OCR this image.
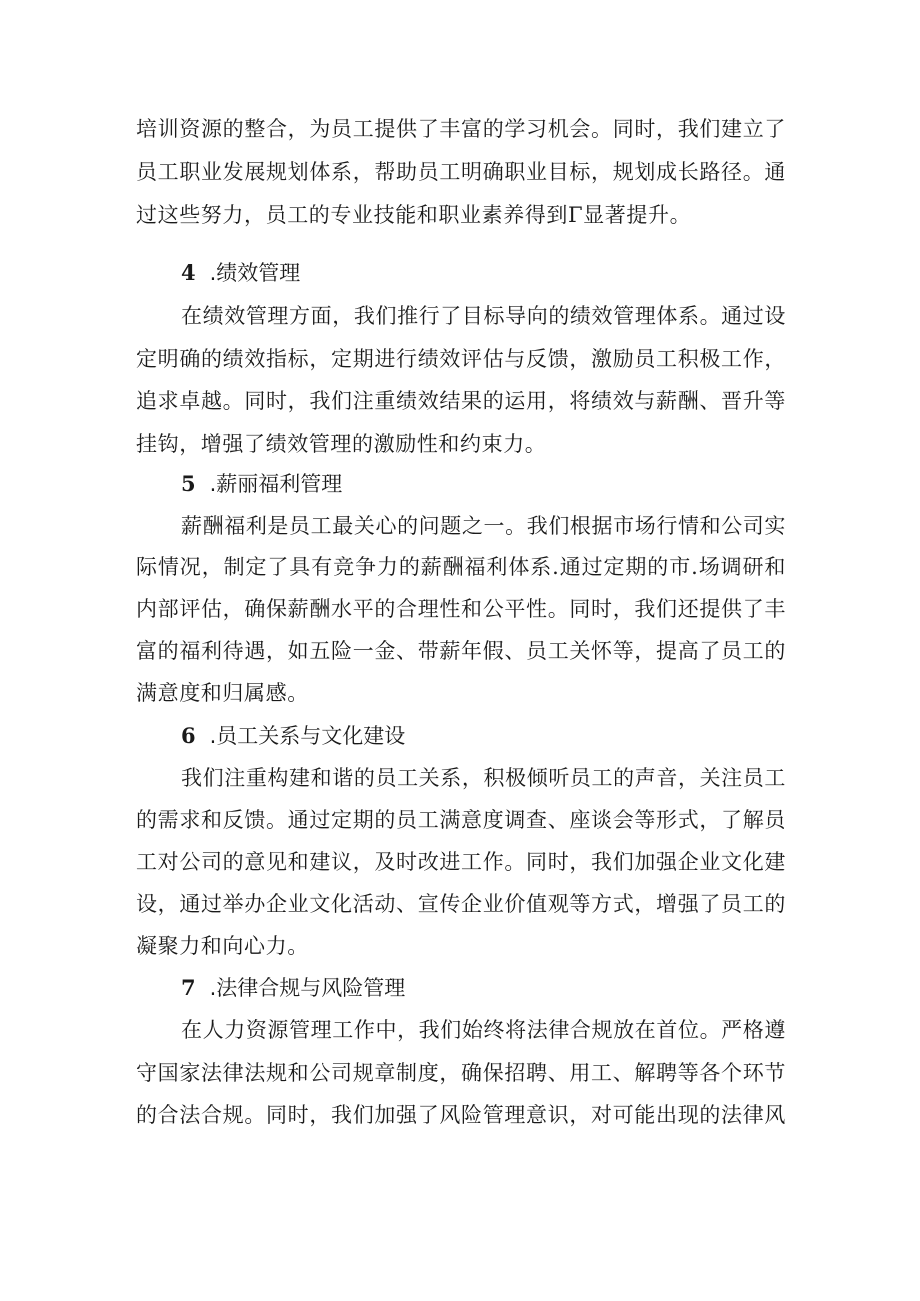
培训资源的整合，为员工提供了丰富的学习机会。同时，我们建立了
员工职业发展规划体系，帮助员工明确职业目标，规划成长路径。通
过这些努力，员工的专业技能和职业素养得到Γ显著提升。
4 .绩效管理
在绩效管理方面，我们推行了目标导向的绩效管理体系。通过设
定明确的绩效指标，定期进行绩效评估与反馈，激励员工积极工作，
追求卓越。同时，我们注重绩效结果的运用，将绩效与薪酬、晋升等
挂钩，增强了绩效管理的激励性和约束力。
5 .薪丽福利管理
薪酬福利是员工最关心的问题之一。我们根据市场行情和公司实
际情况，制定了具有竞争力的薪酬福利体系.通过定期的市.场调研和
内部评估，确保薪酬水平的合理性和公平性。同时，我们还提供了丰
富的福利待遇，如五险一金、带薪年假、员工关怀等，提高了员工的
满意度和归属感。
6 .员工关系与文化建设
我们注重构建和谐的员工关系，积极倾听员工的声音，关注员工
的需求和反馈。通过定期的员工满意度调查、座谈会等形式，了解员
工对公司的意见和建议，及时改进工作。同时，我们加强企业文化建
设，通过举办企业文化活动、宣传企业价值观等方式，增强了员工的
凝聚力和向心力。
7 .法律合规与风险管理
在人力资源管理工作中，我们始终将法律合规放在首位。严格遵
守国家法律法规和公司规章制度，确保招聘、用工、解聘等各个环节
的合法合规。同时，我们加强了风险管理意识，对可能出现的法律风
